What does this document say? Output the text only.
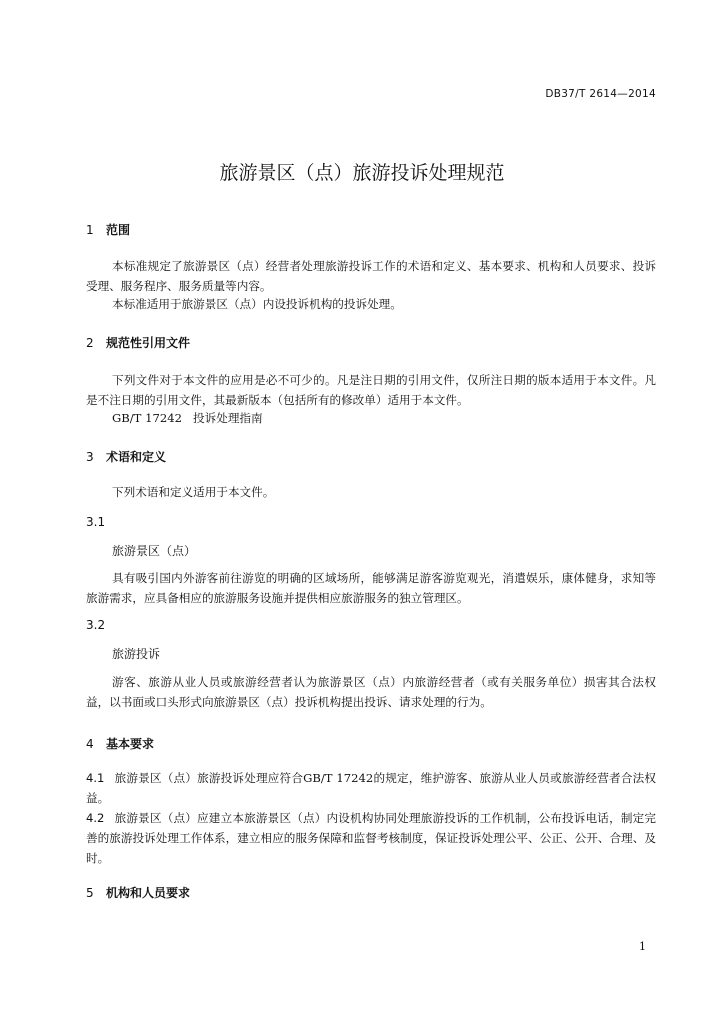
DB37/T 2614—2014
旅游景区（点）旅游投诉处理规范
1 范围

本标准规定了旅游景区（点）经营者处理旅游投诉工作的术语和定义、基本要求、机构和人员要求、投诉受理、服务程序、服务质量等内容。

本标准适用于旅游景区（点）内设投诉机构的投诉处理。

2 规范性引用文件

下列文件对于本文件的应用是必不可少的。凡是注日期的引用文件，仅所注日期的版本适用于本文件。凡是不注日期的引用文件，其最新版本（包括所有的修改单）适用于本文件。

GB/T 17242   投诉处理指南

3 术语和定义

下列术语和定义适用于本文件。

3.1
旅游景区（点）

具有吸引国内外游客前往游览的明确的区域场所，能够满足游客游览观光，消遣娱乐，康体健身，求知等旅游需求，应具备相应的旅游服务设施并提供相应旅游服务的独立管理区。

3.2
旅游投诉

游客、旅游从业人员或旅游经营者认为旅游景区（点）内旅游经营者（或有关服务单位）损害其合法权益，以书面或口头形式向旅游景区（点）投诉机构提出投诉、请求处理的行为。

4 基本要求

4.1 旅游景区（点）旅游投诉处理应符合GB/T 17242的规定，维护游客、旅游从业人员或旅游经营者合法权益。

4.2 旅游景区（点）应建立本旅游景区（点）内设机构协同处理旅游投诉的工作机制，公布投诉电话，制定完善的旅游投诉处理工作体系，建立相应的服务保障和监督考核制度，保证投诉处理公平、公正、公开、合理、及时。

5 机构和人员要求
1
